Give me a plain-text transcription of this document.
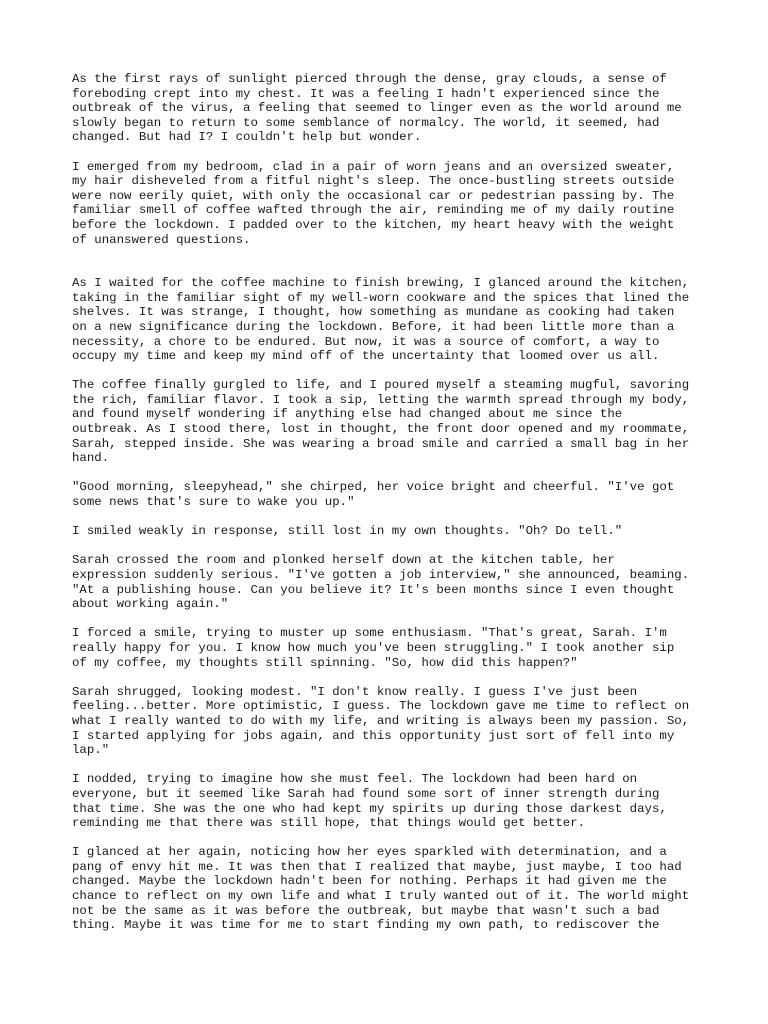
As the first rays of sunlight pierced through the dense, gray clouds, a sense of
foreboding crept into my chest. It was a feeling I hadn't experienced since the
outbreak of the virus, a feeling that seemed to linger even as the world around me
slowly began to return to some semblance of normalcy. The world, it seemed, had
changed. But had I? I couldn't help but wonder.

I emerged from my bedroom, clad in a pair of worn jeans and an oversized sweater,
my hair disheveled from a fitful night's sleep. The once-bustling streets outside
were now eerily quiet, with only the occasional car or pedestrian passing by. The
familiar smell of coffee wafted through the air, reminding me of my daily routine
before the lockdown. I padded over to the kitchen, my heart heavy with the weight
of unanswered questions.

As I waited for the coffee machine to finish brewing, I glanced around the kitchen,
taking in the familiar sight of my well-worn cookware and the spices that lined the
shelves. It was strange, I thought, how something as mundane as cooking had taken
on a new significance during the lockdown. Before, it had been little more than a
necessity, a chore to be endured. But now, it was a source of comfort, a way to
occupy my time and keep my mind off of the uncertainty that loomed over us all.

The coffee finally gurgled to life, and I poured myself a steaming mugful, savoring
the rich, familiar flavor. I took a sip, letting the warmth spread through my body,
and found myself wondering if anything else had changed about me since the
outbreak. As I stood there, lost in thought, the front door opened and my roommate,
Sarah, stepped inside. She was wearing a broad smile and carried a small bag in her
hand.

"Good morning, sleepyhead," she chirped, her voice bright and cheerful. "I've got
some news that's sure to wake you up."

I smiled weakly in response, still lost in my own thoughts. "Oh? Do tell."

Sarah crossed the room and plonked herself down at the kitchen table, her
expression suddenly serious. "I've gotten a job interview," she announced, beaming.
"At a publishing house. Can you believe it? It's been months since I even thought
about working again."

I forced a smile, trying to muster up some enthusiasm. "That's great, Sarah. I'm
really happy for you. I know how much you've been struggling." I took another sip
of my coffee, my thoughts still spinning. "So, how did this happen?"

Sarah shrugged, looking modest. "I don't know really. I guess I've just been
feeling...better. More optimistic, I guess. The lockdown gave me time to reflect on
what I really wanted to do with my life, and writing is always been my passion. So,
I started applying for jobs again, and this opportunity just sort of fell into my
lap."

I nodded, trying to imagine how she must feel. The lockdown had been hard on
everyone, but it seemed like Sarah had found some sort of inner strength during
that time. She was the one who had kept my spirits up during those darkest days,
reminding me that there was still hope, that things would get better.

I glanced at her again, noticing how her eyes sparkled with determination, and a
pang of envy hit me. It was then that I realized that maybe, just maybe, I too had
changed. Maybe the lockdown hadn't been for nothing. Perhaps it had given me the
chance to reflect on my own life and what I truly wanted out of it. The world might
not be the same as it was before the outbreak, but maybe that wasn't such a bad
thing. Maybe it was time for me to start finding my own path, to rediscover the
